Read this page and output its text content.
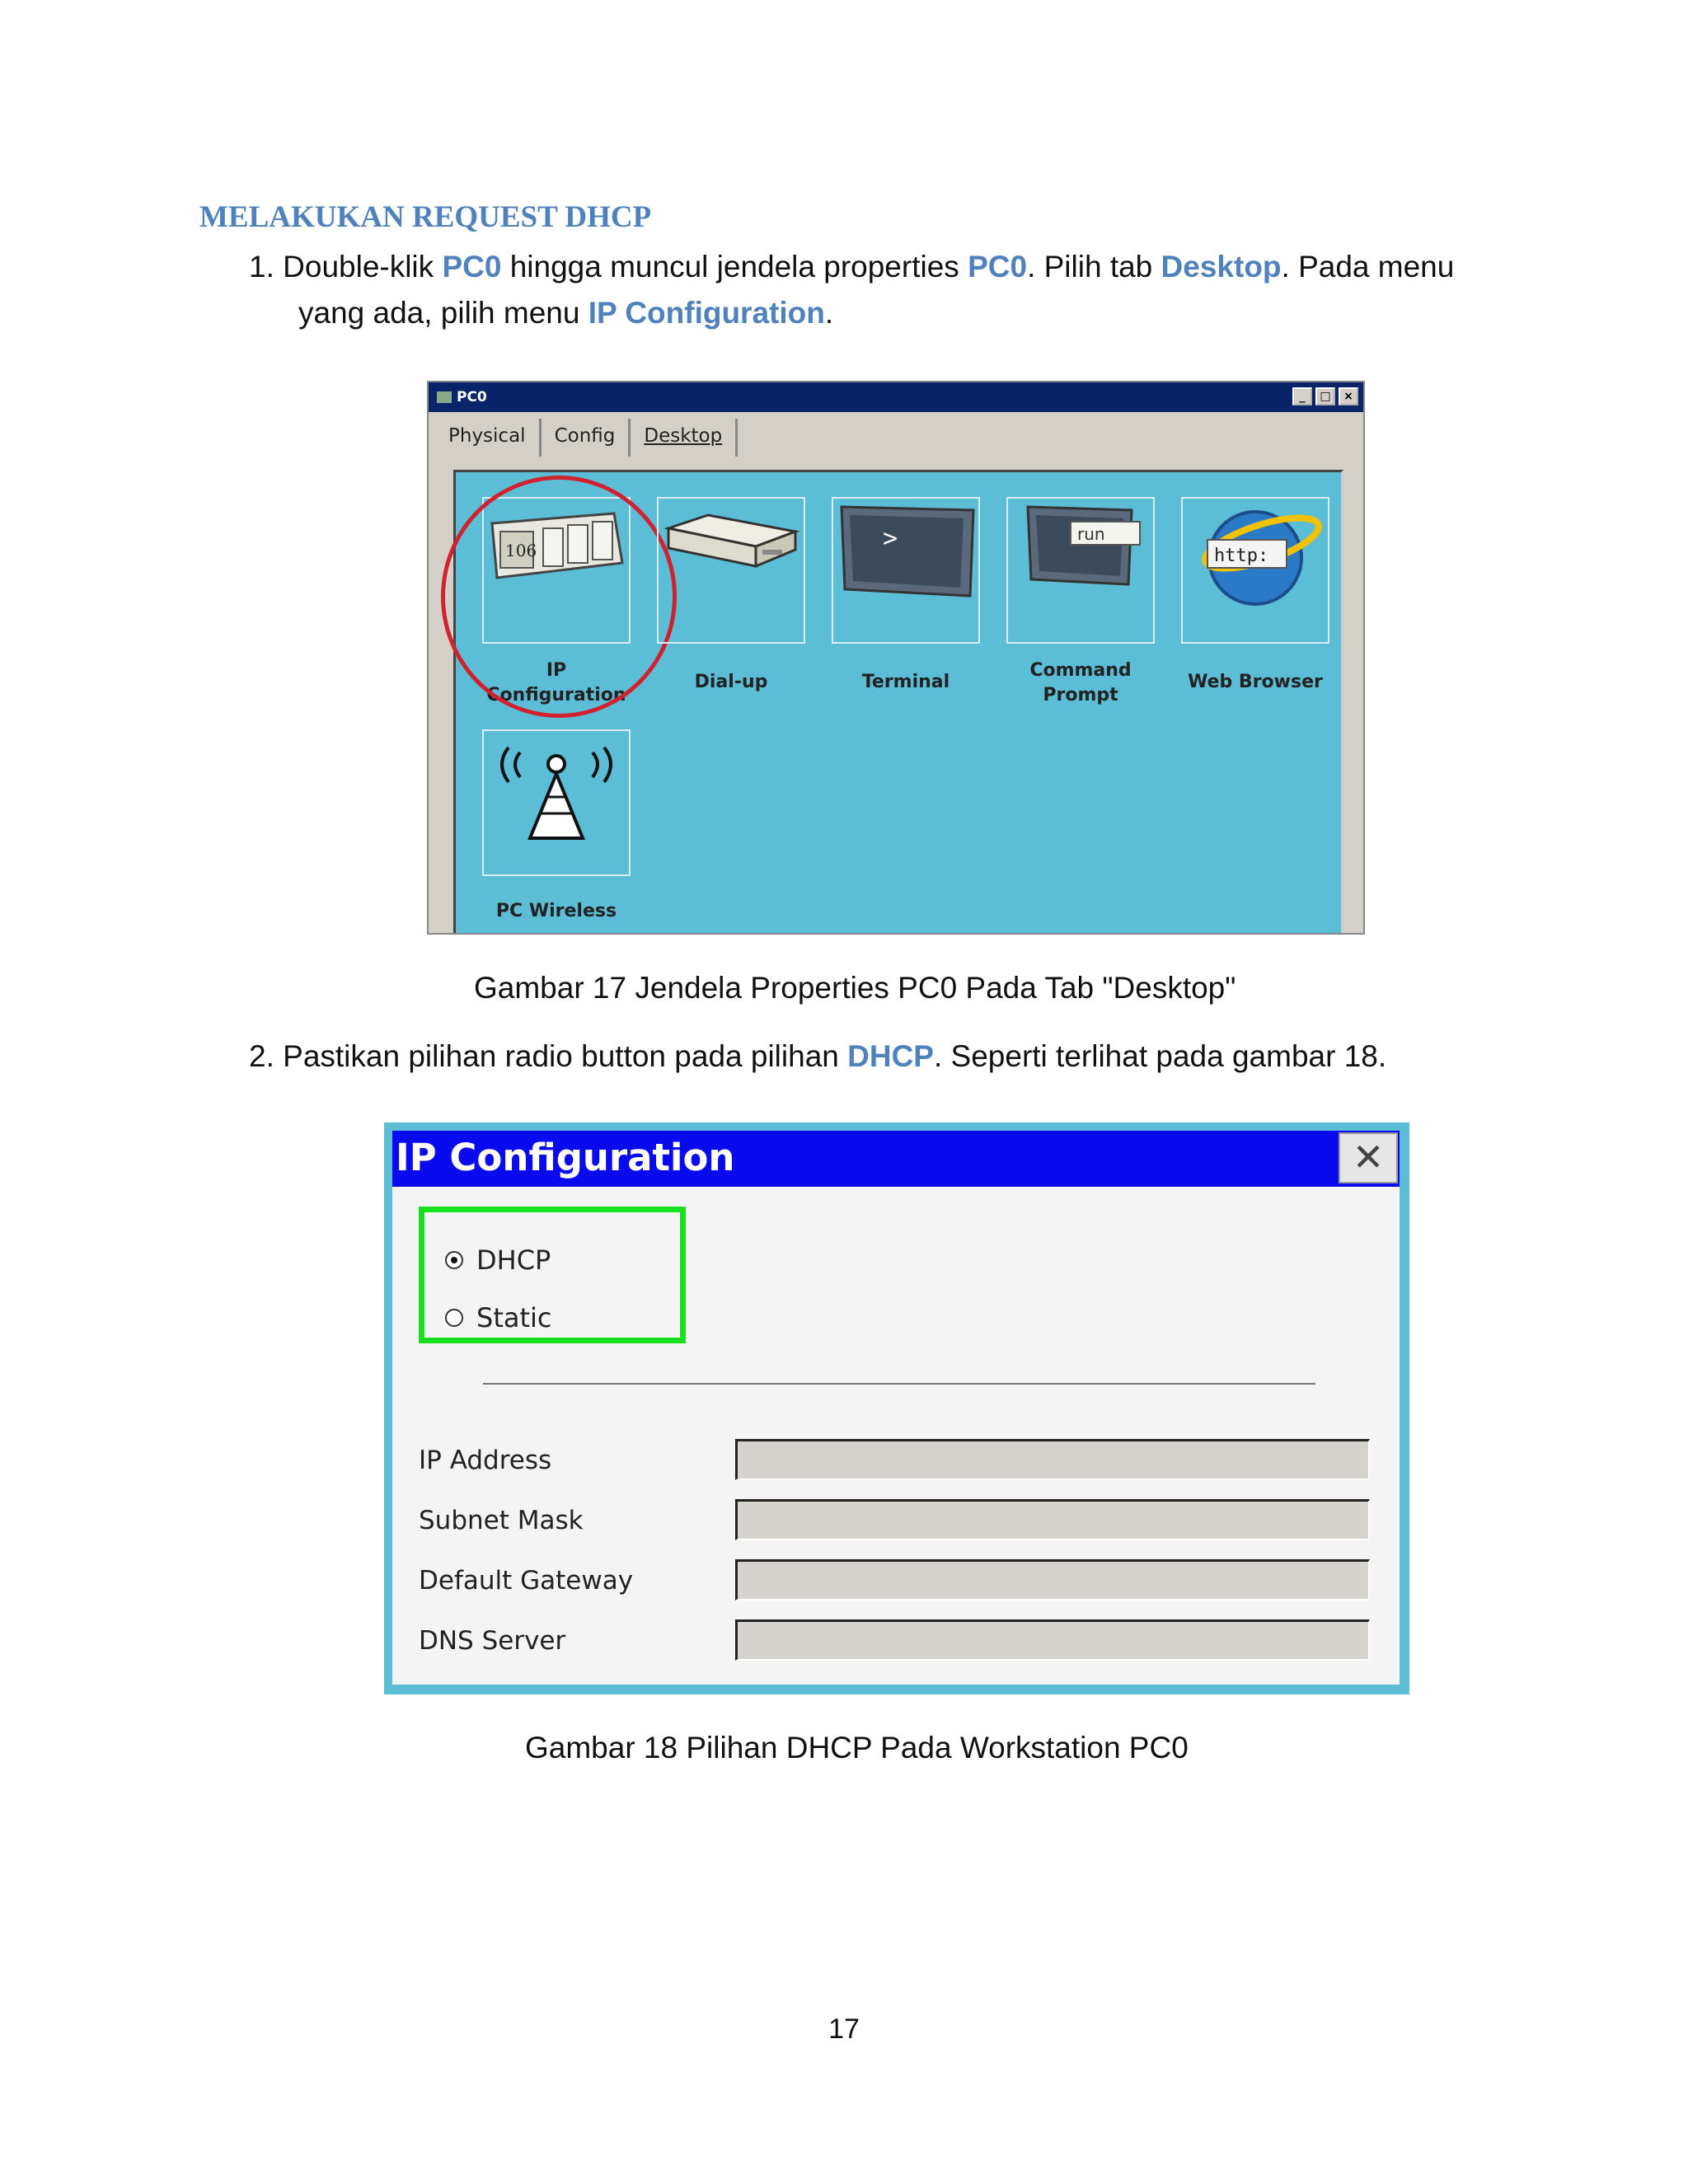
MELAKUKAN REQUEST DHCP
1. Double-klik PC0 hingga muncul jendela properties PC0. Pilih tab Desktop. Pada menu
yang ada, pilih menu IP Configuration.
PC0	_	□	×
Physical	Config	Desktop
106
IP
Configuration
Dial-up
>
Terminal
run
Command
Prompt
http:
Web Browser
PC Wireless
Gambar 17 Jendela Properties PC0 Pada Tab "Desktop"
2. Pastikan pilihan radio button pada pilihan DHCP. Seperti terlihat pada gambar 18.
IP Configuration	✕
DHCP
Static
IP Address
Subnet Mask
Default Gateway
DNS Server
Gambar 18 Pilihan DHCP Pada Workstation PC0
17
